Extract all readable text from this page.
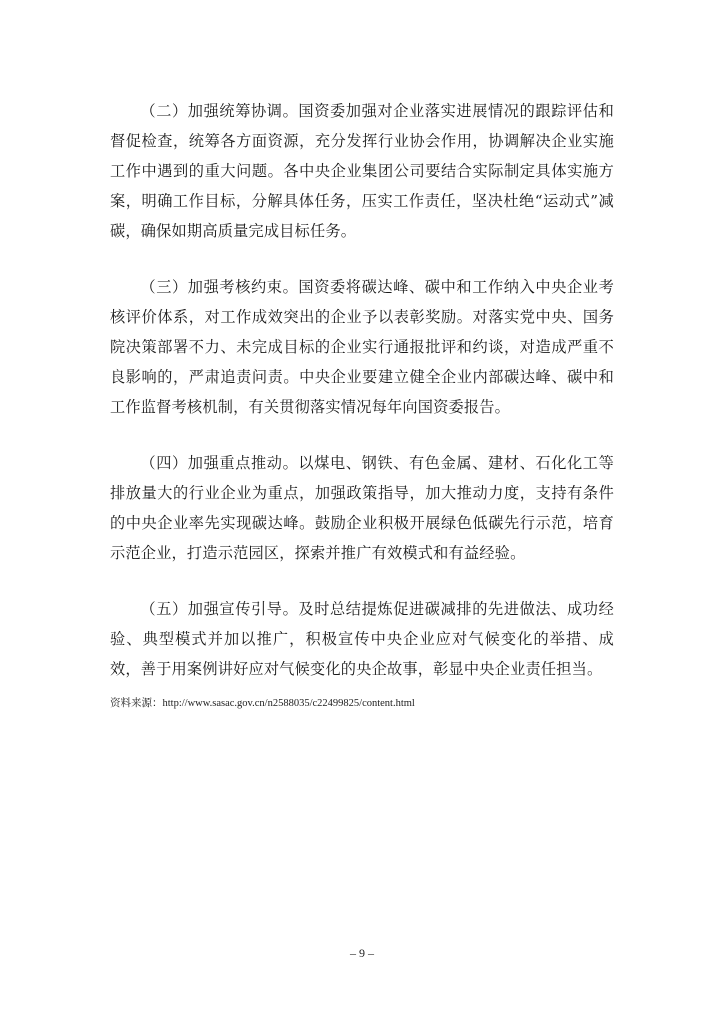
（二）加强统筹协调。国资委加强对企业落实进展情况的跟踪评估和督促检查，统筹各方面资源，充分发挥行业协会作用，协调解决企业实施工作中遇到的重大问题。各中央企业集团公司要结合实际制定具体实施方案，明确工作目标，分解具体任务，压实工作责任，坚决杜绝“运动式”减碳，确保如期高质量完成目标任务。

（三）加强考核约束。国资委将碳达峰、碳中和工作纳入中央企业考核评价体系，对工作成效突出的企业予以表彰奖励。对落实党中央、国务院决策部署不力、未完成目标的企业实行通报批评和约谈，对造成严重不良影响的，严肃追责问责。中央企业要建立健全企业内部碳达峰、碳中和工作监督考核机制，有关贯彻落实情况每年向国资委报告。

（四）加强重点推动。以煤电、钢铁、有色金属、建材、石化化工等排放量大的行业企业为重点，加强政策指导，加大推动力度，支持有条件的中央企业率先实现碳达峰。鼓励企业积极开展绿色低碳先行示范，培育示范企业，打造示范园区，探索并推广有效模式和有益经验。

（五）加强宣传引导。及时总结提炼促进碳减排的先进做法、成功经验、典型模式并加以推广，积极宣传中央企业应对气候变化的举措、成效，善于用案例讲好应对气候变化的央企故事，彰显中央企业责任担当。

资料来源：http://www.sasac.gov.cn/n2588035/c22499825/content.html
– 9 –
